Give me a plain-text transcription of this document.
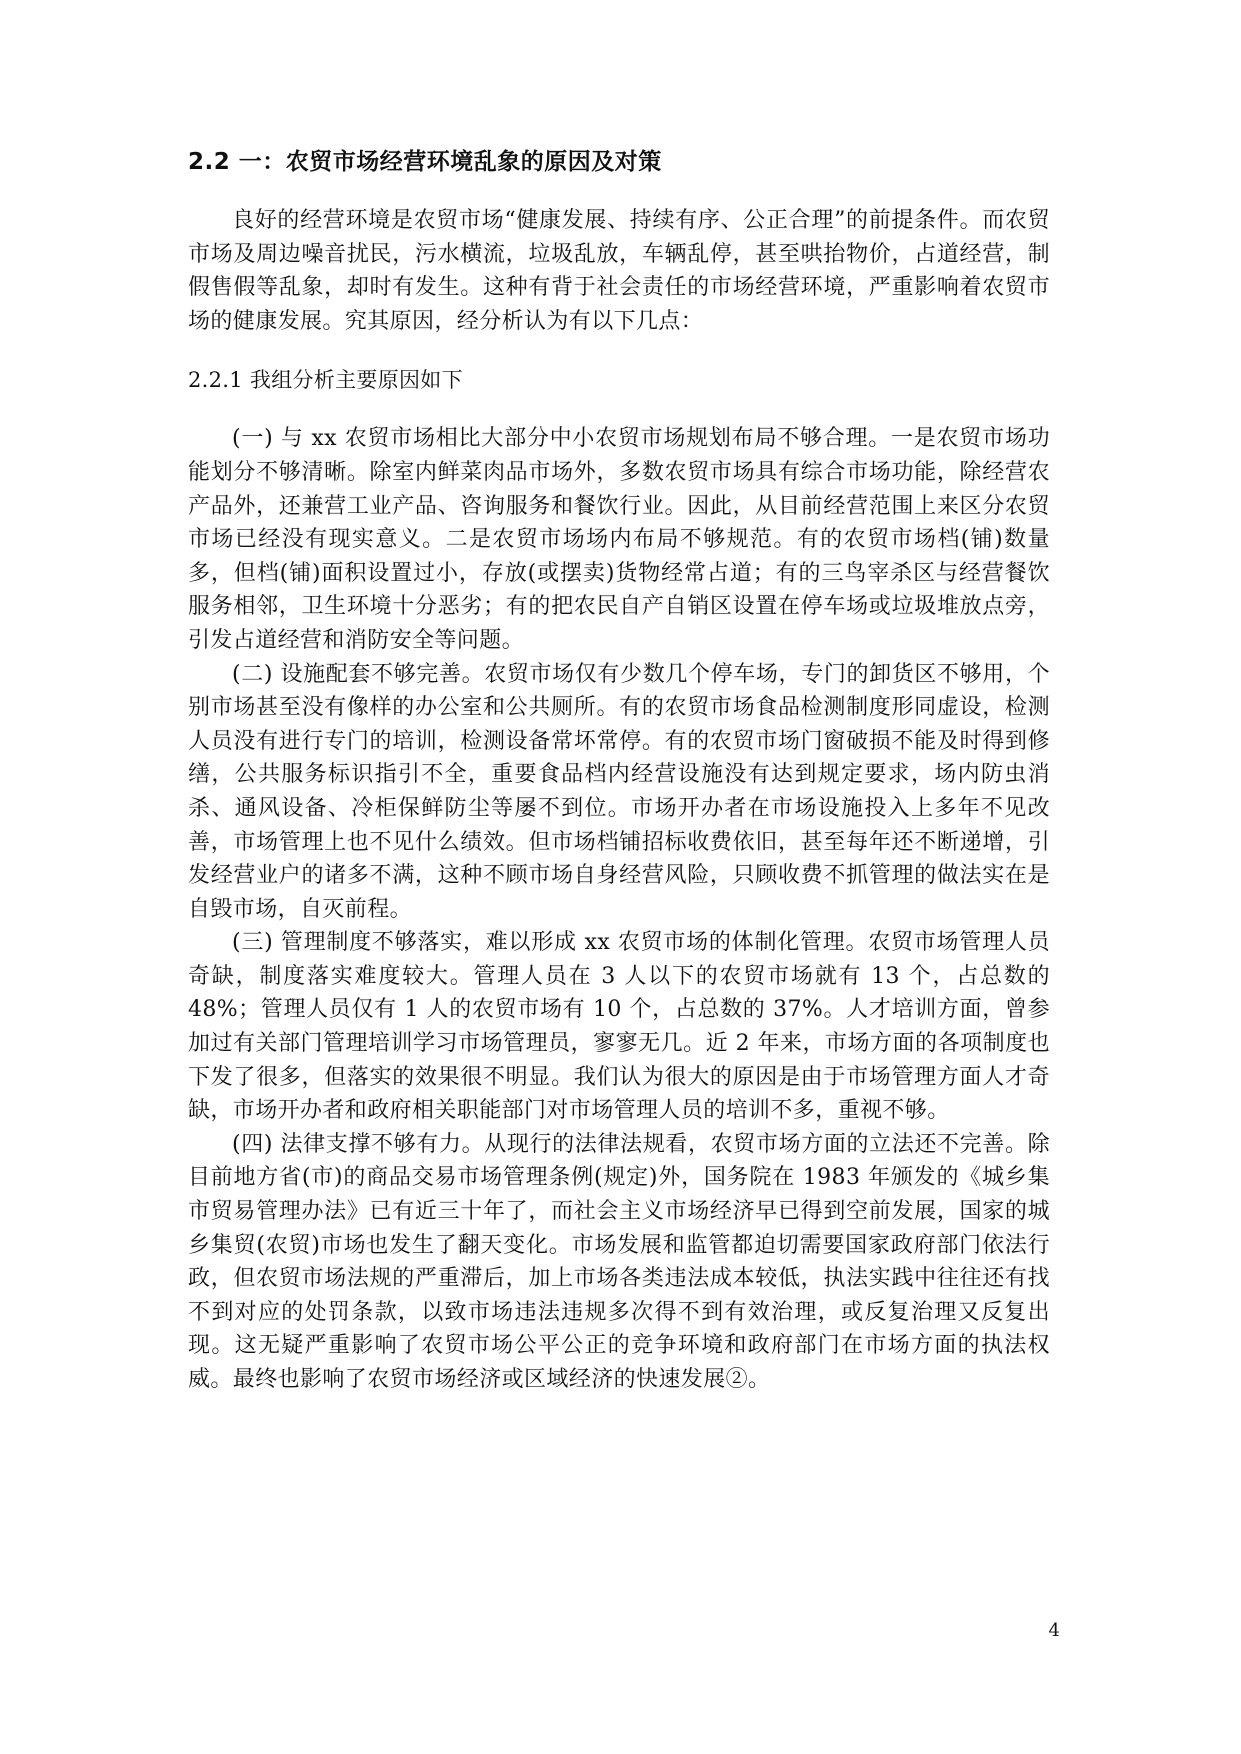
2.2 一：农贸市场经营环境乱象的原因及对策

良好的经营环境是农贸市场“健康发展、持续有序、公正合理”的前提条件。而农贸市场及周边噪音扰民，污水横流，垃圾乱放，车辆乱停，甚至哄抬物价，占道经营，制假售假等乱象，却时有发生。这种有背于社会责任的市场经营环境，严重影响着农贸市场的健康发展。究其原因，经分析认为有以下几点：

2.2.1 我组分析主要原因如下

(一) 与 xx 农贸市场相比大部分中小农贸市场规划布局不够合理。一是农贸市场功能划分不够清晰。除室内鲜菜肉品市场外，多数农贸市场具有综合市场功能，除经营农产品外，还兼营工业产品、咨询服务和餐饮行业。因此，从目前经营范围上来区分农贸市场已经没有现实意义。二是农贸市场场内布局不够规范。有的农贸市场档(铺)数量多，但档(铺)面积设置过小，存放(或摆卖)货物经常占道；有的三鸟宰杀区与经营餐饮服务相邻，卫生环境十分恶劣；有的把农民自产自销区设置在停车场或垃圾堆放点旁，引发占道经营和消防安全等问题。

(二) 设施配套不够完善。农贸市场仅有少数几个停车场，专门的卸货区不够用，个别市场甚至没有像样的办公室和公共厕所。有的农贸市场食品检测制度形同虚设，检测人员没有进行专门的培训，检测设备常坏常停。有的农贸市场门窗破损不能及时得到修缮，公共服务标识指引不全，重要食品档内经营设施没有达到规定要求，场内防虫消杀、通风设备、冷柜保鲜防尘等屡不到位。市场开办者在市场设施投入上多年不见改善，市场管理上也不见什么绩效。但市场档铺招标收费依旧，甚至每年还不断递增，引发经营业户的诸多不满，这种不顾市场自身经营风险，只顾收费不抓管理的做法实在是自毁市场，自灭前程。

(三) 管理制度不够落实，难以形成 xx 农贸市场的体制化管理。农贸市场管理人员奇缺，制度落实难度较大。管理人员在 3 人以下的农贸市场就有 13 个，占总数的 48%；管理人员仅有 1 人的农贸市场有 10 个，占总数的 37%。人才培训方面，曾参加过有关部门管理培训学习市场管理员，寥寥无几。近 2 年来，市场方面的各项制度也下发了很多，但落实的效果很不明显。我们认为很大的原因是由于市场管理方面人才奇缺，市场开办者和政府相关职能部门对市场管理人员的培训不多，重视不够。

(四) 法律支撑不够有力。从现行的法律法规看，农贸市场方面的立法还不完善。除目前地方省(市)的商品交易市场管理条例(规定)外，国务院在 1983 年颁发的《城乡集市贸易管理办法》已有近三十年了，而社会主义市场经济早已得到空前发展，国家的城乡集贸(农贸)市场也发生了翻天变化。市场发展和监管都迫切需要国家政府部门依法行政，但农贸市场法规的严重滞后，加上市场各类违法成本较低，执法实践中往往还有找不到对应的处罚条款，以致市场违法违规多次得不到有效治理，或反复治理又反复出现。这无疑严重影响了农贸市场公平公正的竞争环境和政府部门在市场方面的执法权威。最终也影响了农贸市场经济或区域经济的快速发展②。

4
